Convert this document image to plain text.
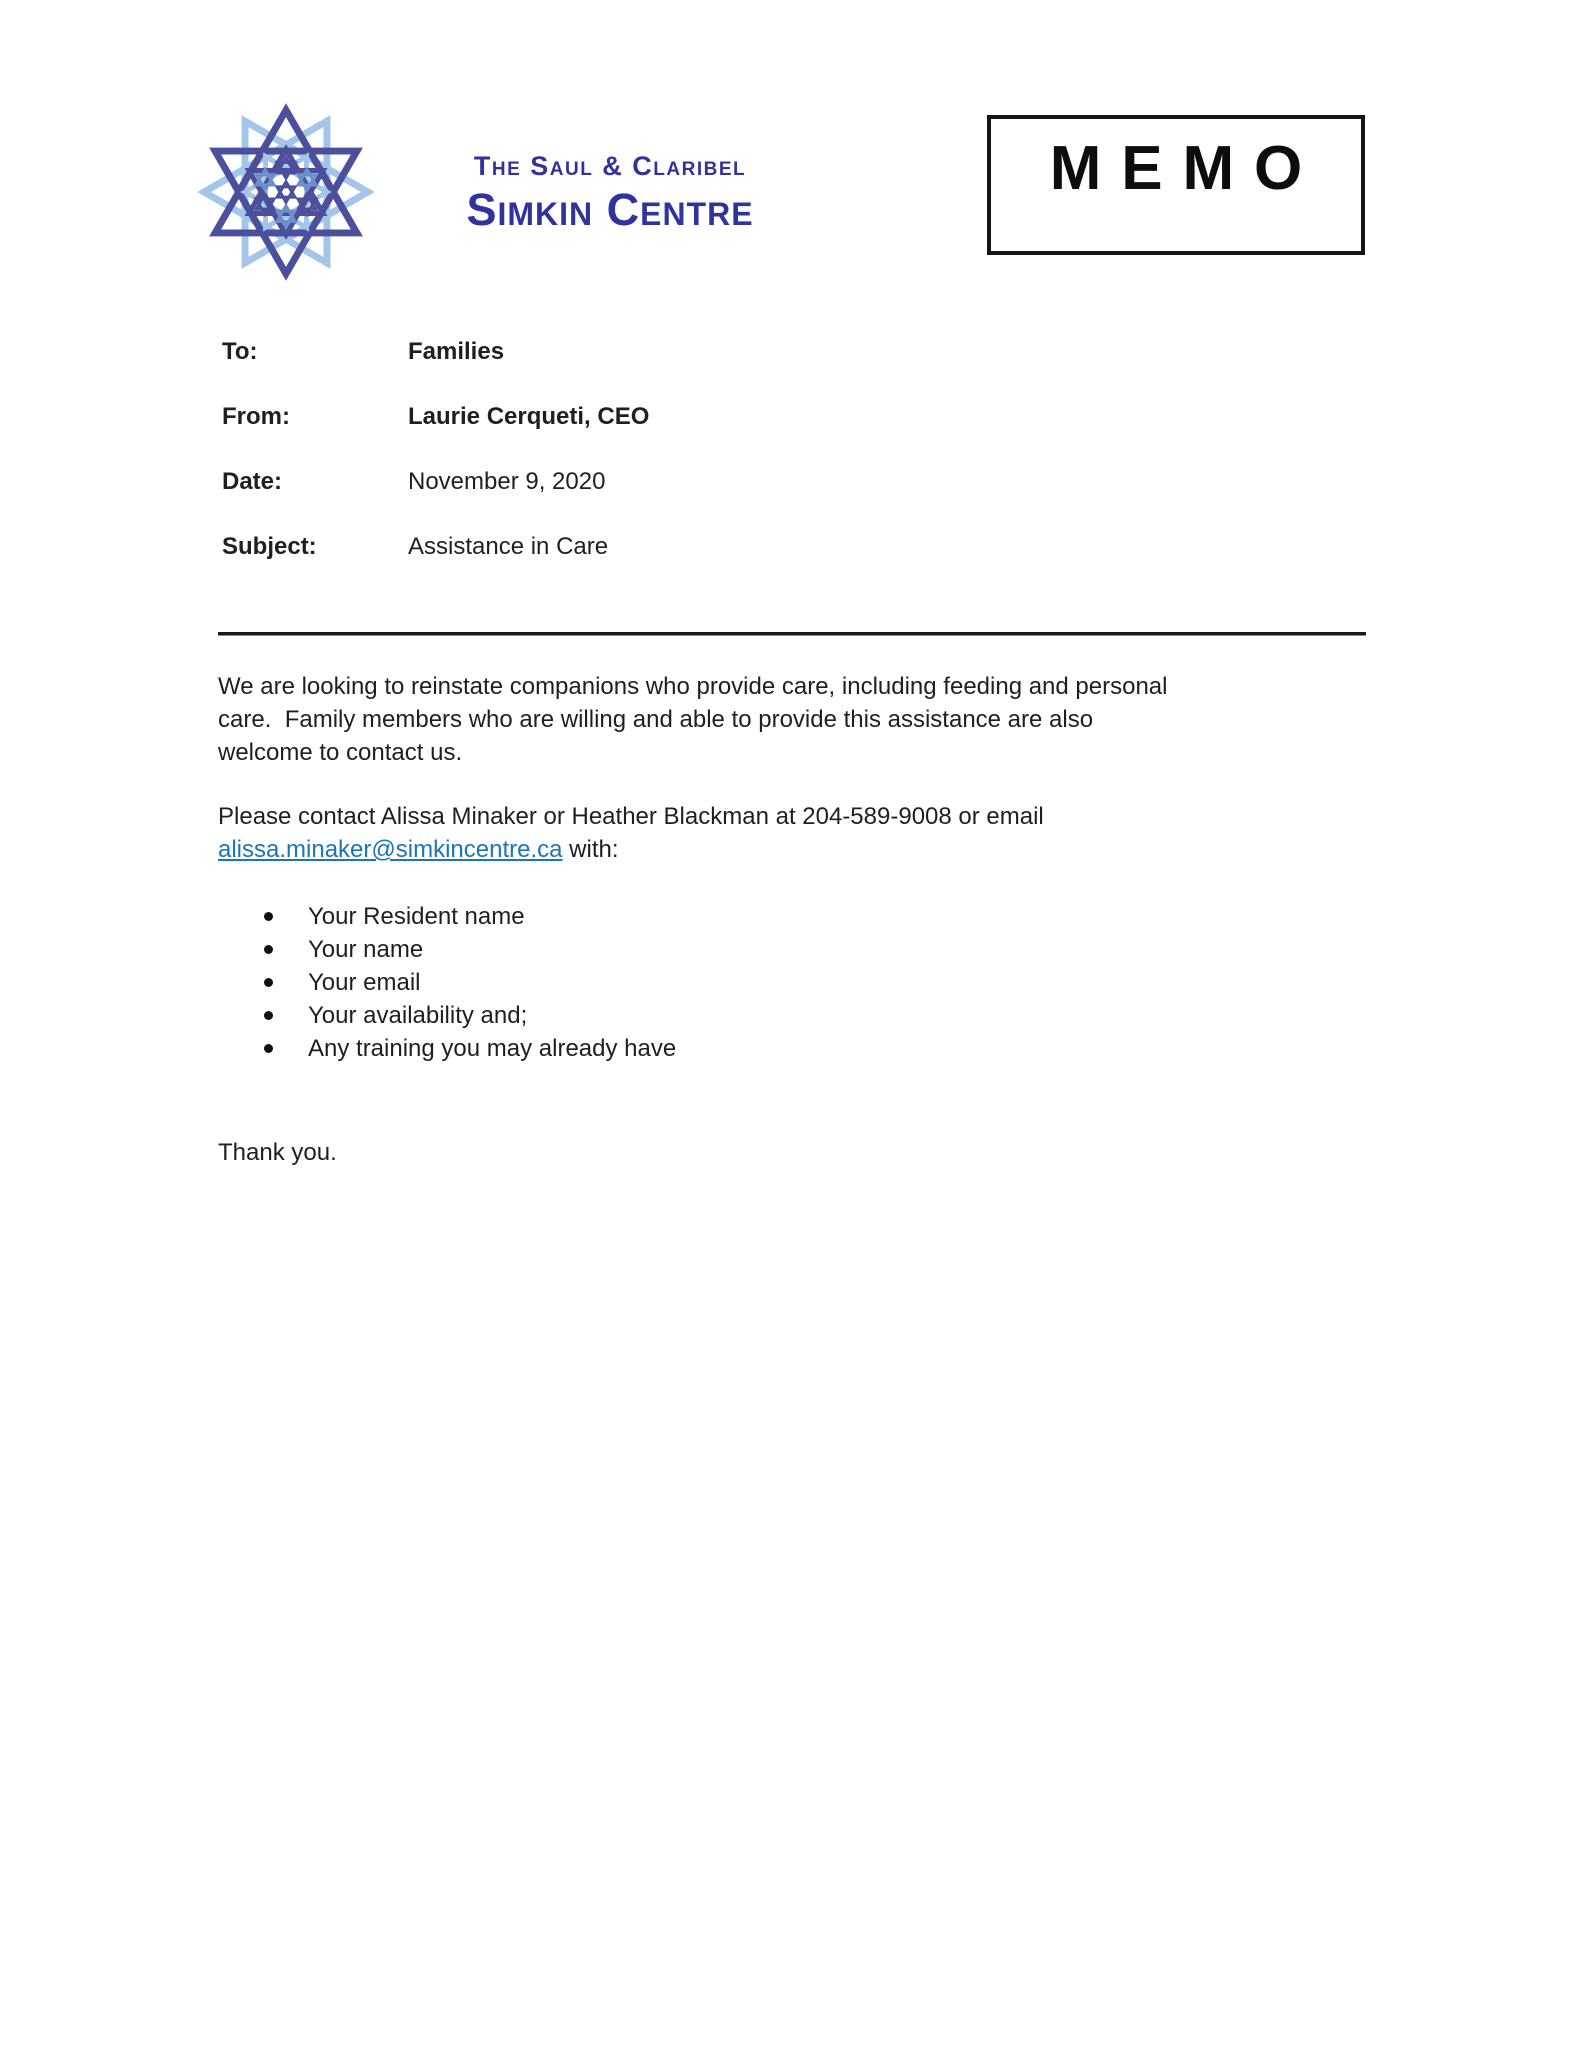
The Saul & Claribel
Simkin Centre
MEMO
To:	Families
From:	Laurie Cerqueti, CEO
Date:	November 9, 2020
Subject:	Assistance in Care
We are looking to reinstate companions who provide care, including feeding and personal
care.  Family members who are willing and able to provide this assistance are also
welcome to contact us.
Please contact Alissa Minaker or Heather Blackman at 204-589-9008 or email
alissa.minaker@simkincentre.ca with:
Your Resident name
Your name
Your email
Your availability and;
Any training you may already have
Thank you.
